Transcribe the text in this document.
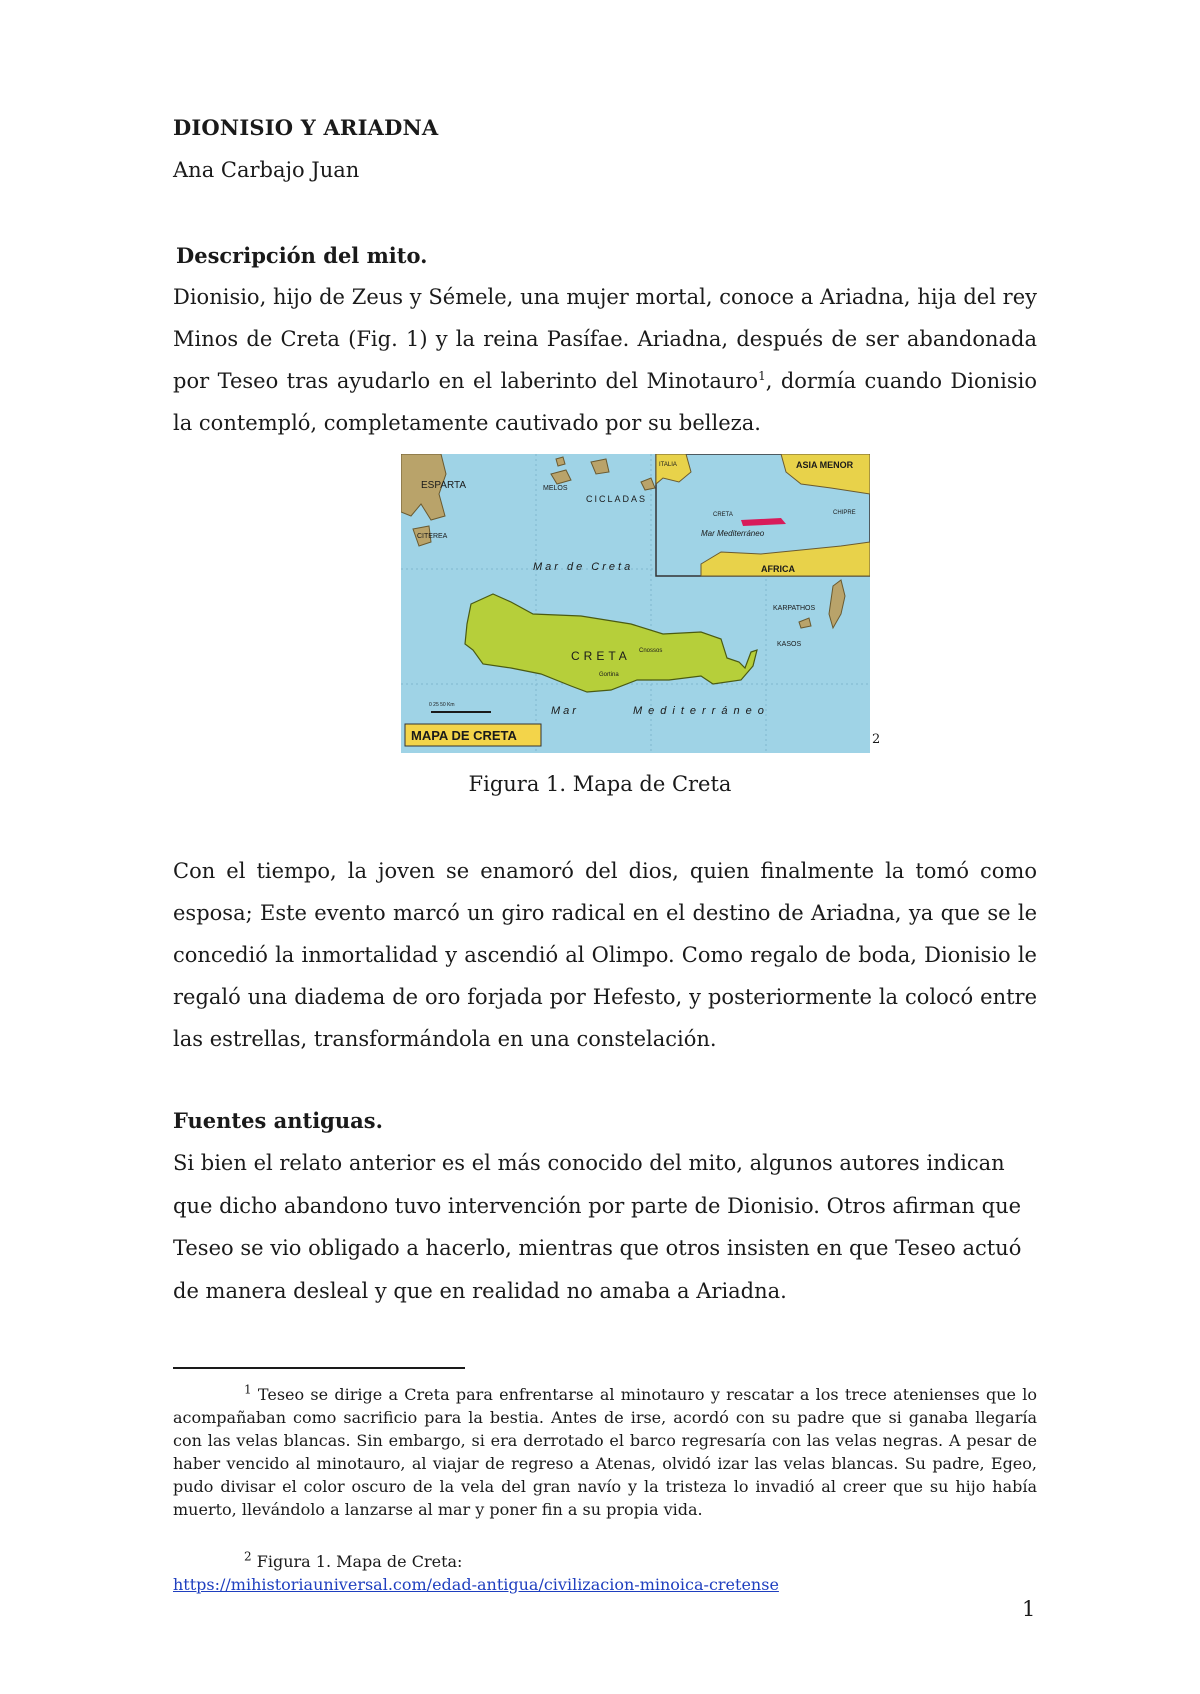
DIONISIO Y ARIADNA
Ana Carbajo Juan
Descripción del mito.
Dionisio, hijo de Zeus y Sémele, una mujer mortal, conoce a Ariadna, hija del rey Minos de Creta (Fig. 1) y la reina Pasífae. Ariadna, después de ser abandonada por Teseo tras ayudarlo en el laberinto del Minotauro$^1$, dormía cuando Dionisio la contempló, completamente cautivado por su belleza.
ASIA MENOR
AFRICA
Mar Mediterráneo
ITALIA
CRETA	CHIPRE
ESPARTA
CITEREA
MELOS
CICLADAS
Mar de Creta
CRETA Cnossos
Gortina
KARPATHOS
KASOS
Mar	Mediterráneo
0 25 50 Km
MAPA DE CRETA	2
Figura 1. Mapa de Creta
Con el tiempo, la joven se enamoró del dios, quien finalmente la tomó como esposa; Este evento marcó un giro radical en el destino de Ariadna, ya que se le concedió la inmortalidad y ascendió al Olimpo. Como regalo de boda, Dionisio le regaló una diadema de oro forjada por Hefesto, y posteriormente la colocó entre las estrellas, transformándola en una constelación.
Fuentes antiguas.
Si bien el relato anterior es el más conocido del mito, algunos autores indican que dicho abandono tuvo intervención por parte de Dionisio. Otros afirman que Teseo se vio obligado a hacerlo, mientras que otros insisten en que Teseo actuó de manera desleal y que en realidad no amaba a Ariadna.
$^1$ Teseo se dirige a Creta para enfrentarse al minotauro y rescatar a los trece atenienses que lo acompañaban como sacrificio para la bestia. Antes de irse, acordó con su padre que si ganaba llegaría con las velas blancas. Sin embargo, si era derrotado el barco regresaría con las velas negras. A pesar de haber vencido al minotauro, al viajar de regreso a Atenas, olvidó izar las velas blancas. Su padre, Egeo, pudo divisar el color oscuro de la vela del gran navío y la tristeza lo invadió al creer que su hijo había muerto, llevándolo a lanzarse al mar y poner fin a su propia vida.
$^2$ Figura 1. Mapa de Creta:
https://mihistoriauniversal.com/edad-antigua/civilizacion-minoica-cretense
1
